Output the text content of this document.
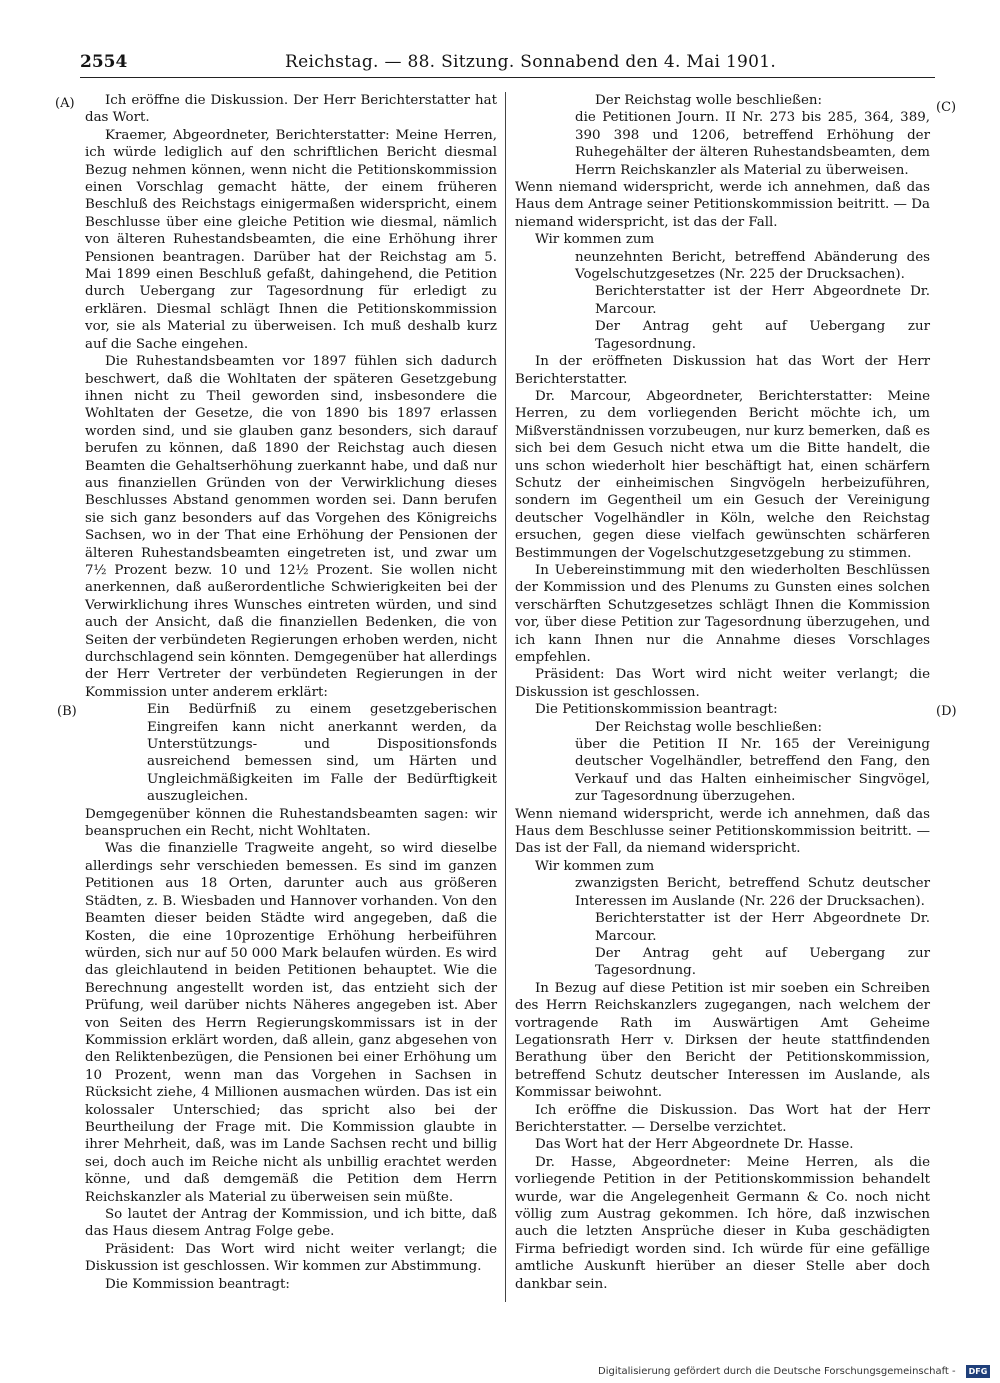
2554	Reichstag. — 88. Sitzung. Sonnabend den 4. Mai 1901.
(A)
(B)
(C)
(D)

Ich eröffne die Diskussion. Der Herr Berichterstatter hat das Wort.

Kraemer, Abgeordneter, Berichterstatter: Meine Herren, ich würde lediglich auf den schriftlichen Bericht diesmal Bezug nehmen können, wenn nicht die Petitionskommission einen Vorschlag gemacht hätte, der einem früheren Beschluß des Reichstags einigermaßen widerspricht, einem Beschlusse über eine gleiche Petition wie diesmal, nämlich von älteren Ruhestandsbeamten, die eine Erhöhung ihrer Pensionen beantragen. Darüber hat der Reichstag am 5. Mai 1899 einen Beschluß gefaßt, dahingehend, die Petition durch Uebergang zur Tagesordnung für erledigt zu erklären. Diesmal schlägt Ihnen die Petitionskommission vor, sie als Material zu überweisen. Ich muß deshalb kurz auf die Sache eingehen.

Die Ruhestandsbeamten vor 1897 fühlen sich dadurch beschwert, daß die Wohltaten der späteren Gesetzgebung ihnen nicht zu Theil geworden sind, insbesondere die Wohltaten der Gesetze, die von 1890 bis 1897 erlassen worden sind, und sie glauben ganz besonders, sich darauf berufen zu können, daß 1890 der Reichstag auch diesen Beamten die Gehaltserhöhung zuerkannt habe, und daß nur aus finanziellen Gründen von der Verwirklichung dieses Beschlusses Abstand genommen worden sei. Dann berufen sie sich ganz besonders auf das Vorgehen des Königreichs Sachsen, wo in der That eine Erhöhung der Pensionen der älteren Ruhestandsbeamten eingetreten ist, und zwar um 7½ Prozent bezw. 10 und 12½ Prozent. Sie wollen nicht anerkennen, daß außerordentliche Schwierigkeiten bei der Verwirklichung ihres Wunsches eintreten würden, und sind auch der Ansicht, daß die finanziellen Bedenken, die von Seiten der verbündeten Regierungen erhoben werden, nicht durchschlagend sein könnten. Demgegenüber hat allerdings der Herr Vertreter der verbündeten Regierungen in der Kommission unter anderem erklärt:

Ein Bedürfniß zu einem gesetzgeberischen Eingreifen kann nicht anerkannt werden, da Unterstützungs- und Dispositionsfonds ausreichend bemessen sind, um Härten und Ungleichmäßigkeiten im Falle der Bedürftigkeit auszugleichen.

Demgegenüber können die Ruhestandsbeamten sagen: wir beanspruchen ein Recht, nicht Wohltaten.

Was die finanzielle Tragweite angeht, so wird dieselbe allerdings sehr verschieden bemessen. Es sind im ganzen Petitionen aus 18 Orten, darunter auch aus größeren Städten, z. B. Wiesbaden und Hannover vorhanden. Von den Beamten dieser beiden Städte wird angegeben, daß die Kosten, die eine 10prozentige Erhöhung herbeiführen würden, sich nur auf 50 000 Mark belaufen würden. Es wird das gleichlautend in beiden Petitionen behauptet. Wie die Berechnung angestellt worden ist, das entzieht sich der Prüfung, weil darüber nichts Näheres angegeben ist. Aber von Seiten des Herrn Regierungskommissars ist in der Kommission erklärt worden, daß allein, ganz abgesehen von den Reliktenbezügen, die Pensionen bei einer Erhöhung um 10 Prozent, wenn man das Vorgehen in Sachsen in Rücksicht ziehe, 4 Millionen ausmachen würden. Das ist ein kolossaler Unterschied; das spricht also bei der Beurtheilung der Frage mit. Die Kommission glaubte in ihrer Mehrheit, daß, was im Lande Sachsen recht und billig sei, doch auch im Reiche nicht als unbillig erachtet werden könne, und daß demgemäß die Petition dem Herrn Reichskanzler als Material zu überweisen sein müßte.

So lautet der Antrag der Kommission, und ich bitte, daß das Haus diesem Antrag Folge gebe.

Präsident: Das Wort wird nicht weiter verlangt; die Diskussion ist geschlossen. Wir kommen zur Abstimmung.

Die Kommission beantragt:

Der Reichstag wolle beschließen:

die Petitionen Journ. II Nr. 273 bis 285, 364, 389, 390 398 und 1206, betreffend Erhöhung der Ruhegehälter der älteren Ruhestandsbeamten, dem Herrn Reichskanzler als Material zu überweisen.

Wenn niemand widerspricht, werde ich annehmen, daß das Haus dem Antrage seiner Petitionskommission beitritt. — Da niemand widerspricht, ist das der Fall.

Wir kommen zum

neunzehnten Bericht, betreffend Abänderung des Vogelschutzgesetzes (Nr. 225 der Drucksachen).

Berichterstatter ist der Herr Abgeordnete Dr. Marcour.

Der Antrag geht auf Uebergang zur Tagesordnung.

In der eröffneten Diskussion hat das Wort der Herr Berichterstatter.

Dr. Marcour, Abgeordneter, Berichterstatter: Meine Herren, zu dem vorliegenden Bericht möchte ich, um Mißverständnissen vorzubeugen, nur kurz bemerken, daß es sich bei dem Gesuch nicht etwa um die Bitte handelt, die uns schon wiederholt hier beschäftigt hat, einen schärfern Schutz der einheimischen Singvögeln herbeizuführen, sondern im Gegentheil um ein Gesuch der Vereinigung deutscher Vogelhändler in Köln, welche den Reichstag ersuchen, gegen diese vielfach gewünschten schärferen Bestimmungen der Vogelschutzgesetzgebung zu stimmen.

In Uebereinstimmung mit den wiederholten Beschlüssen der Kommission und des Plenums zu Gunsten eines solchen verschärften Schutzgesetzes schlägt Ihnen die Kommission vor, über diese Petition zur Tagesordnung überzugehen, und ich kann Ihnen nur die Annahme dieses Vorschlages empfehlen.

Präsident: Das Wort wird nicht weiter verlangt; die Diskussion ist geschlossen.

Die Petitionskommission beantragt:

Der Reichstag wolle beschließen:

über die Petition II Nr. 165 der Vereinigung deutscher Vogelhändler, betreffend den Fang, den Verkauf und das Halten einheimischer Singvögel, zur Tagesordnung überzugehen.

Wenn niemand widerspricht, werde ich annehmen, daß das Haus dem Beschlusse seiner Petitionskommission beitritt. — Das ist der Fall, da niemand widerspricht.

Wir kommen zum

zwanzigsten Bericht, betreffend Schutz deutscher Interessen im Auslande (Nr. 226 der Drucksachen).

Berichterstatter ist der Herr Abgeordnete Dr. Marcour.

Der Antrag geht auf Uebergang zur Tagesordnung.

In Bezug auf diese Petition ist mir soeben ein Schreiben des Herrn Reichskanzlers zugegangen, nach welchem der vortragende Rath im Auswärtigen Amt Geheime Legationsrath Herr v. Dirksen der heute stattfindenden Berathung über den Bericht der Petitionskommission, betreffend Schutz deutscher Interessen im Auslande, als Kommissar beiwohnt.

Ich eröffne die Diskussion. Das Wort hat der Herr Berichterstatter. — Derselbe verzichtet.

Das Wort hat der Herr Abgeordnete Dr. Hasse.

Dr. Hasse, Abgeordneter: Meine Herren, als die vorliegende Petition in der Petitionskommission behandelt wurde, war die Angelegenheit Germann & Co. noch nicht völlig zum Austrag gekommen. Ich höre, daß inzwischen auch die letzten Ansprüche dieser in Kuba geschädigten Firma befriedigt worden sind. Ich würde für eine gefällige amtliche Auskunft hierüber an dieser Stelle aber doch dankbar sein.

Digitalisierung gefördert durch die Deutsche Forschungsgemeinschaft -	DFG
